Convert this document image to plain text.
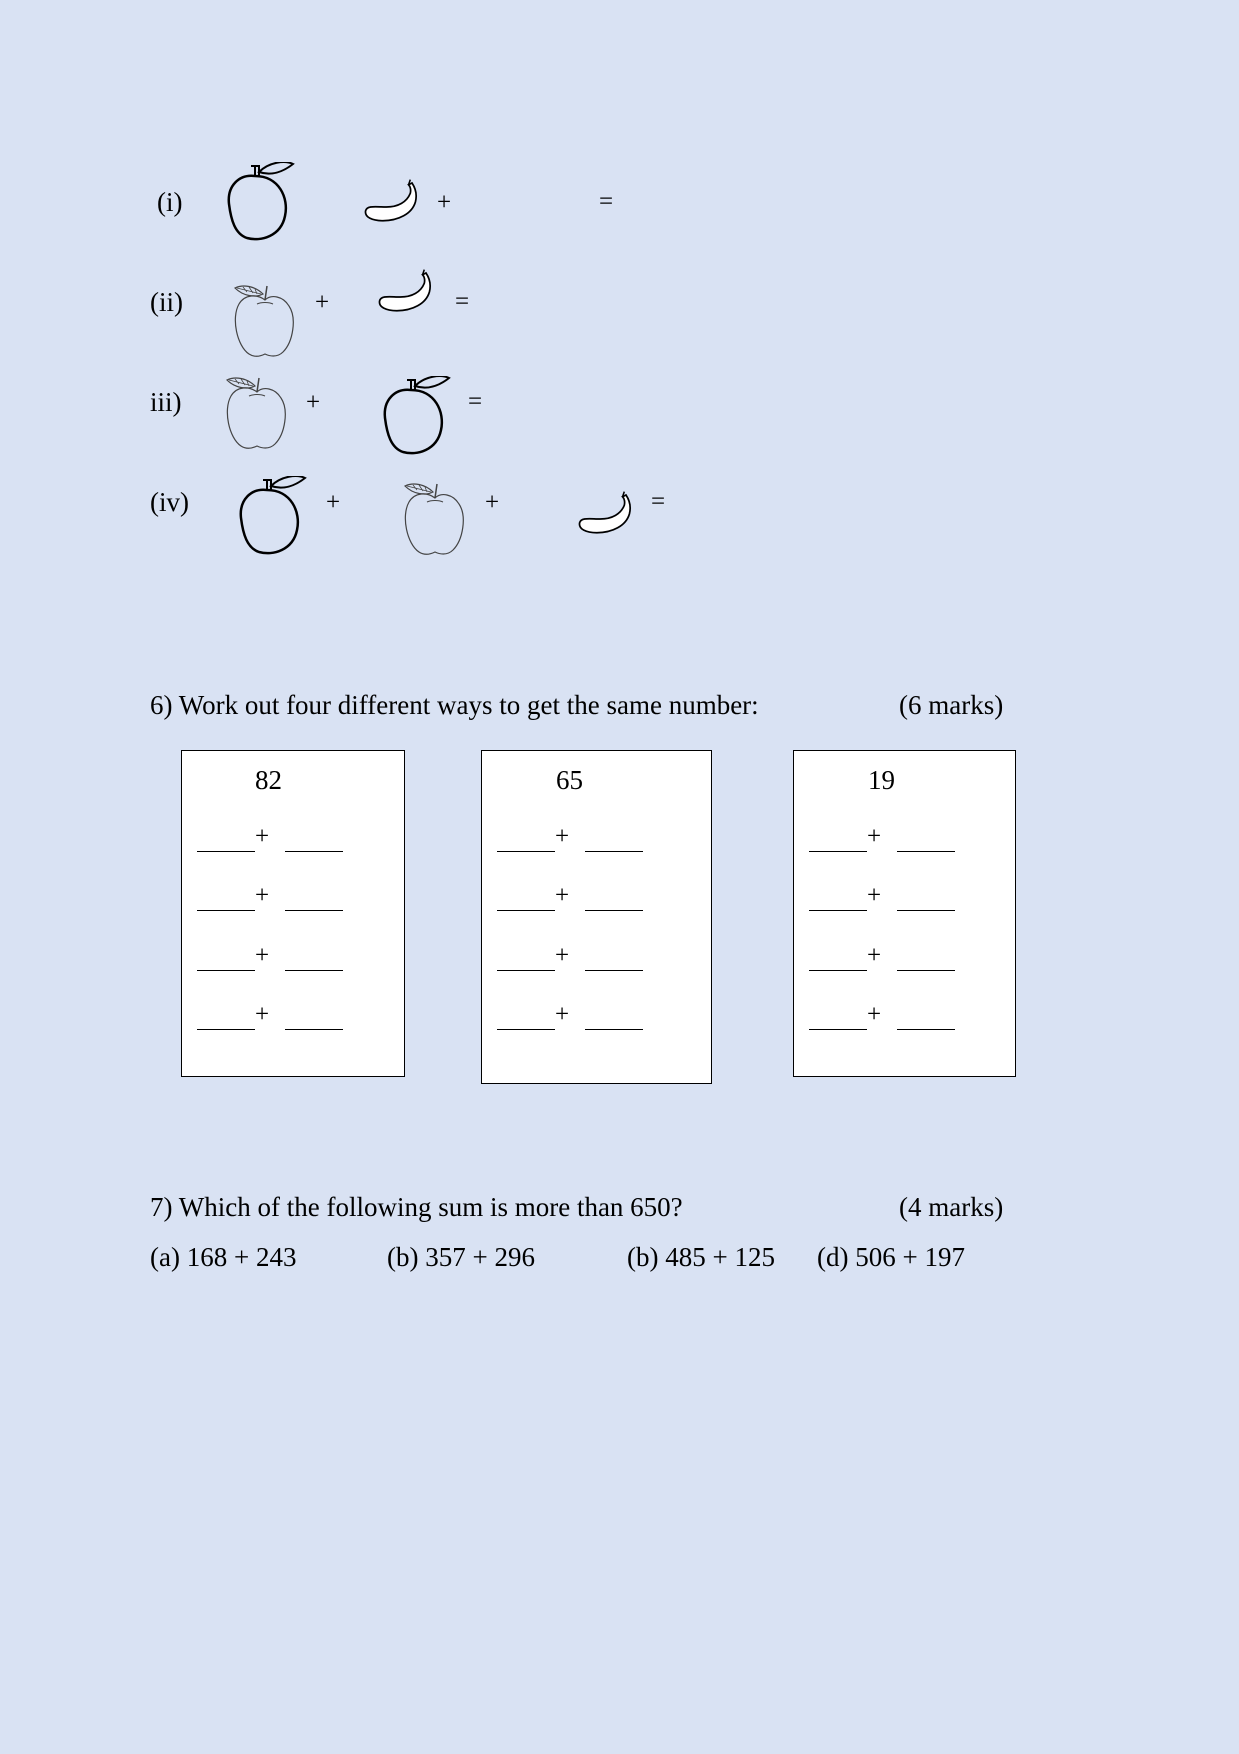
(i)	+	=
(ii)	+	=
iii)	+	=
(iv)	+	+	=
6) Work out four different ways to get the same number:	(6 marks)
82
+
+
+
+
65
+
+
+
+
19
+
+
+
+
7) Which of the following sum is more than 650?	(4 marks)
(a) 168 + 243	(b) 357 + 296	(b) 485 + 125 (d) 506 + 197
